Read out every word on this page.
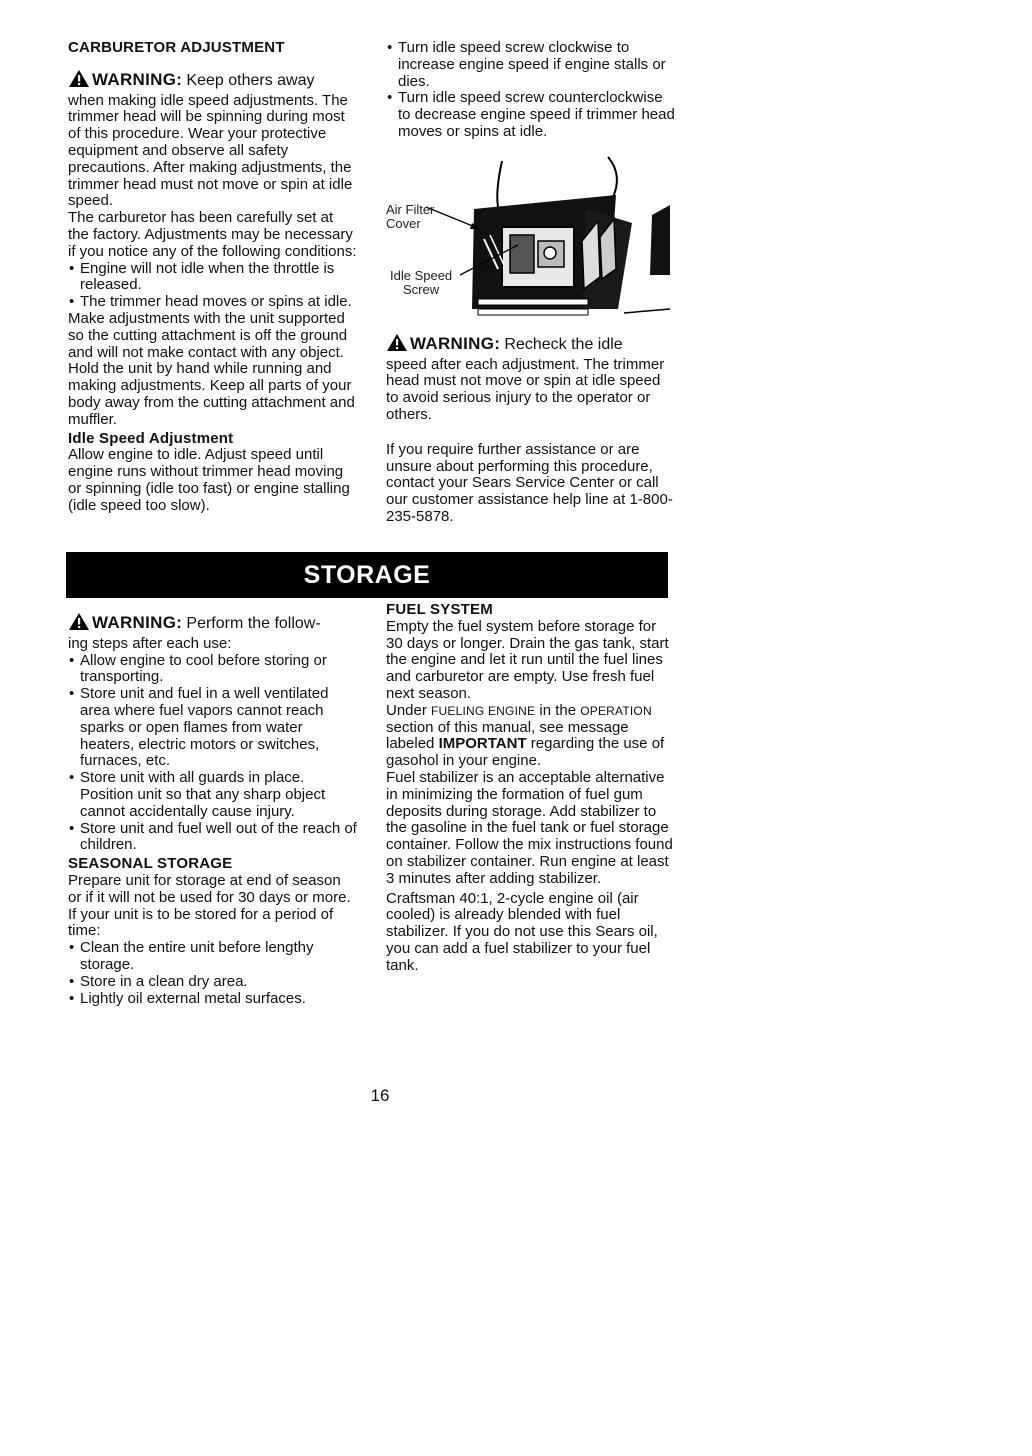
CARBURETOR ADJUSTMENT
WARNING: Keep others away

when making idle speed adjustments. The trimmer head will be spinning during most of this procedure. Wear your protective equipment and observe all safety precautions. After making adjustments, the trimmer head must not move or spin at idle speed.

The carburetor has been carefully set at the factory. Adjustments may be necessary if you notice any of the following conditions:

• Engine will not idle when the throttle is released.
• The trimmer head moves or spins at idle.

Make adjustments with the unit supported so the cutting attachment is off the ground and will not make contact with any object. Hold the unit by hand while running and making adjustments. Keep all parts of your body away from the cutting attachment and muffler.

Idle Speed Adjustment

Allow engine to idle. Adjust speed until engine runs without trimmer head moving or spinning (idle too fast) or engine stalling (idle speed too slow).

• Turn idle speed screw clockwise to increase engine speed if engine stalls or dies.
• Turn idle speed screw counterclockwise to decrease engine speed if trimmer head moves or spins at idle.
Air Filter
Cover
Idle Speed
Screw
WARNING: Recheck the idle

speed after each adjustment. The trimmer head must not move or spin at idle speed to avoid serious injury to the operator or others.

If you require further assistance or are unsure about performing this procedure, contact your Sears Service Center or call our customer assistance help line at 1-800-235-5878.

STORAGE
WARNING: Perform the follow-

ing steps after each use:

• Allow engine to cool before storing or transporting.
• Store unit and fuel in a well ventilated area where fuel vapors cannot reach sparks or open flames from water heaters, electric motors or switches, furnaces, etc.
• Store unit with all guards in place. Position unit so that any sharp object cannot accidentally cause injury.
• Store unit and fuel well out of the reach of children.
SEASONAL STORAGE

Prepare unit for storage at end of season or if it will not be used for 30 days or more.

If your unit is to be stored for a period of time:

• Clean the entire unit before lengthy storage.
• Store in a clean dry area.
• Lightly oil external metal surfaces.
FUEL SYSTEM

Empty the fuel system before storage for 30 days or longer. Drain the gas tank, start the engine and let it run until the fuel lines and carburetor are empty. Use fresh fuel next season.

Under FUELING ENGINE in the OPERATION section of this manual, see message labeled IMPORTANT regarding the use of gasohol in your engine.

Fuel stabilizer is an acceptable alternative in minimizing the formation of fuel gum deposits during storage. Add stabilizer to the gasoline in the fuel tank or fuel storage container. Follow the mix instructions found on stabilizer container. Run engine at least 3 minutes after adding stabilizer.

Craftsman 40:1, 2-cycle engine oil (air cooled) is already blended with fuel stabilizer. If you do not use this Sears oil, you can add a fuel stabilizer to your fuel tank.

16
